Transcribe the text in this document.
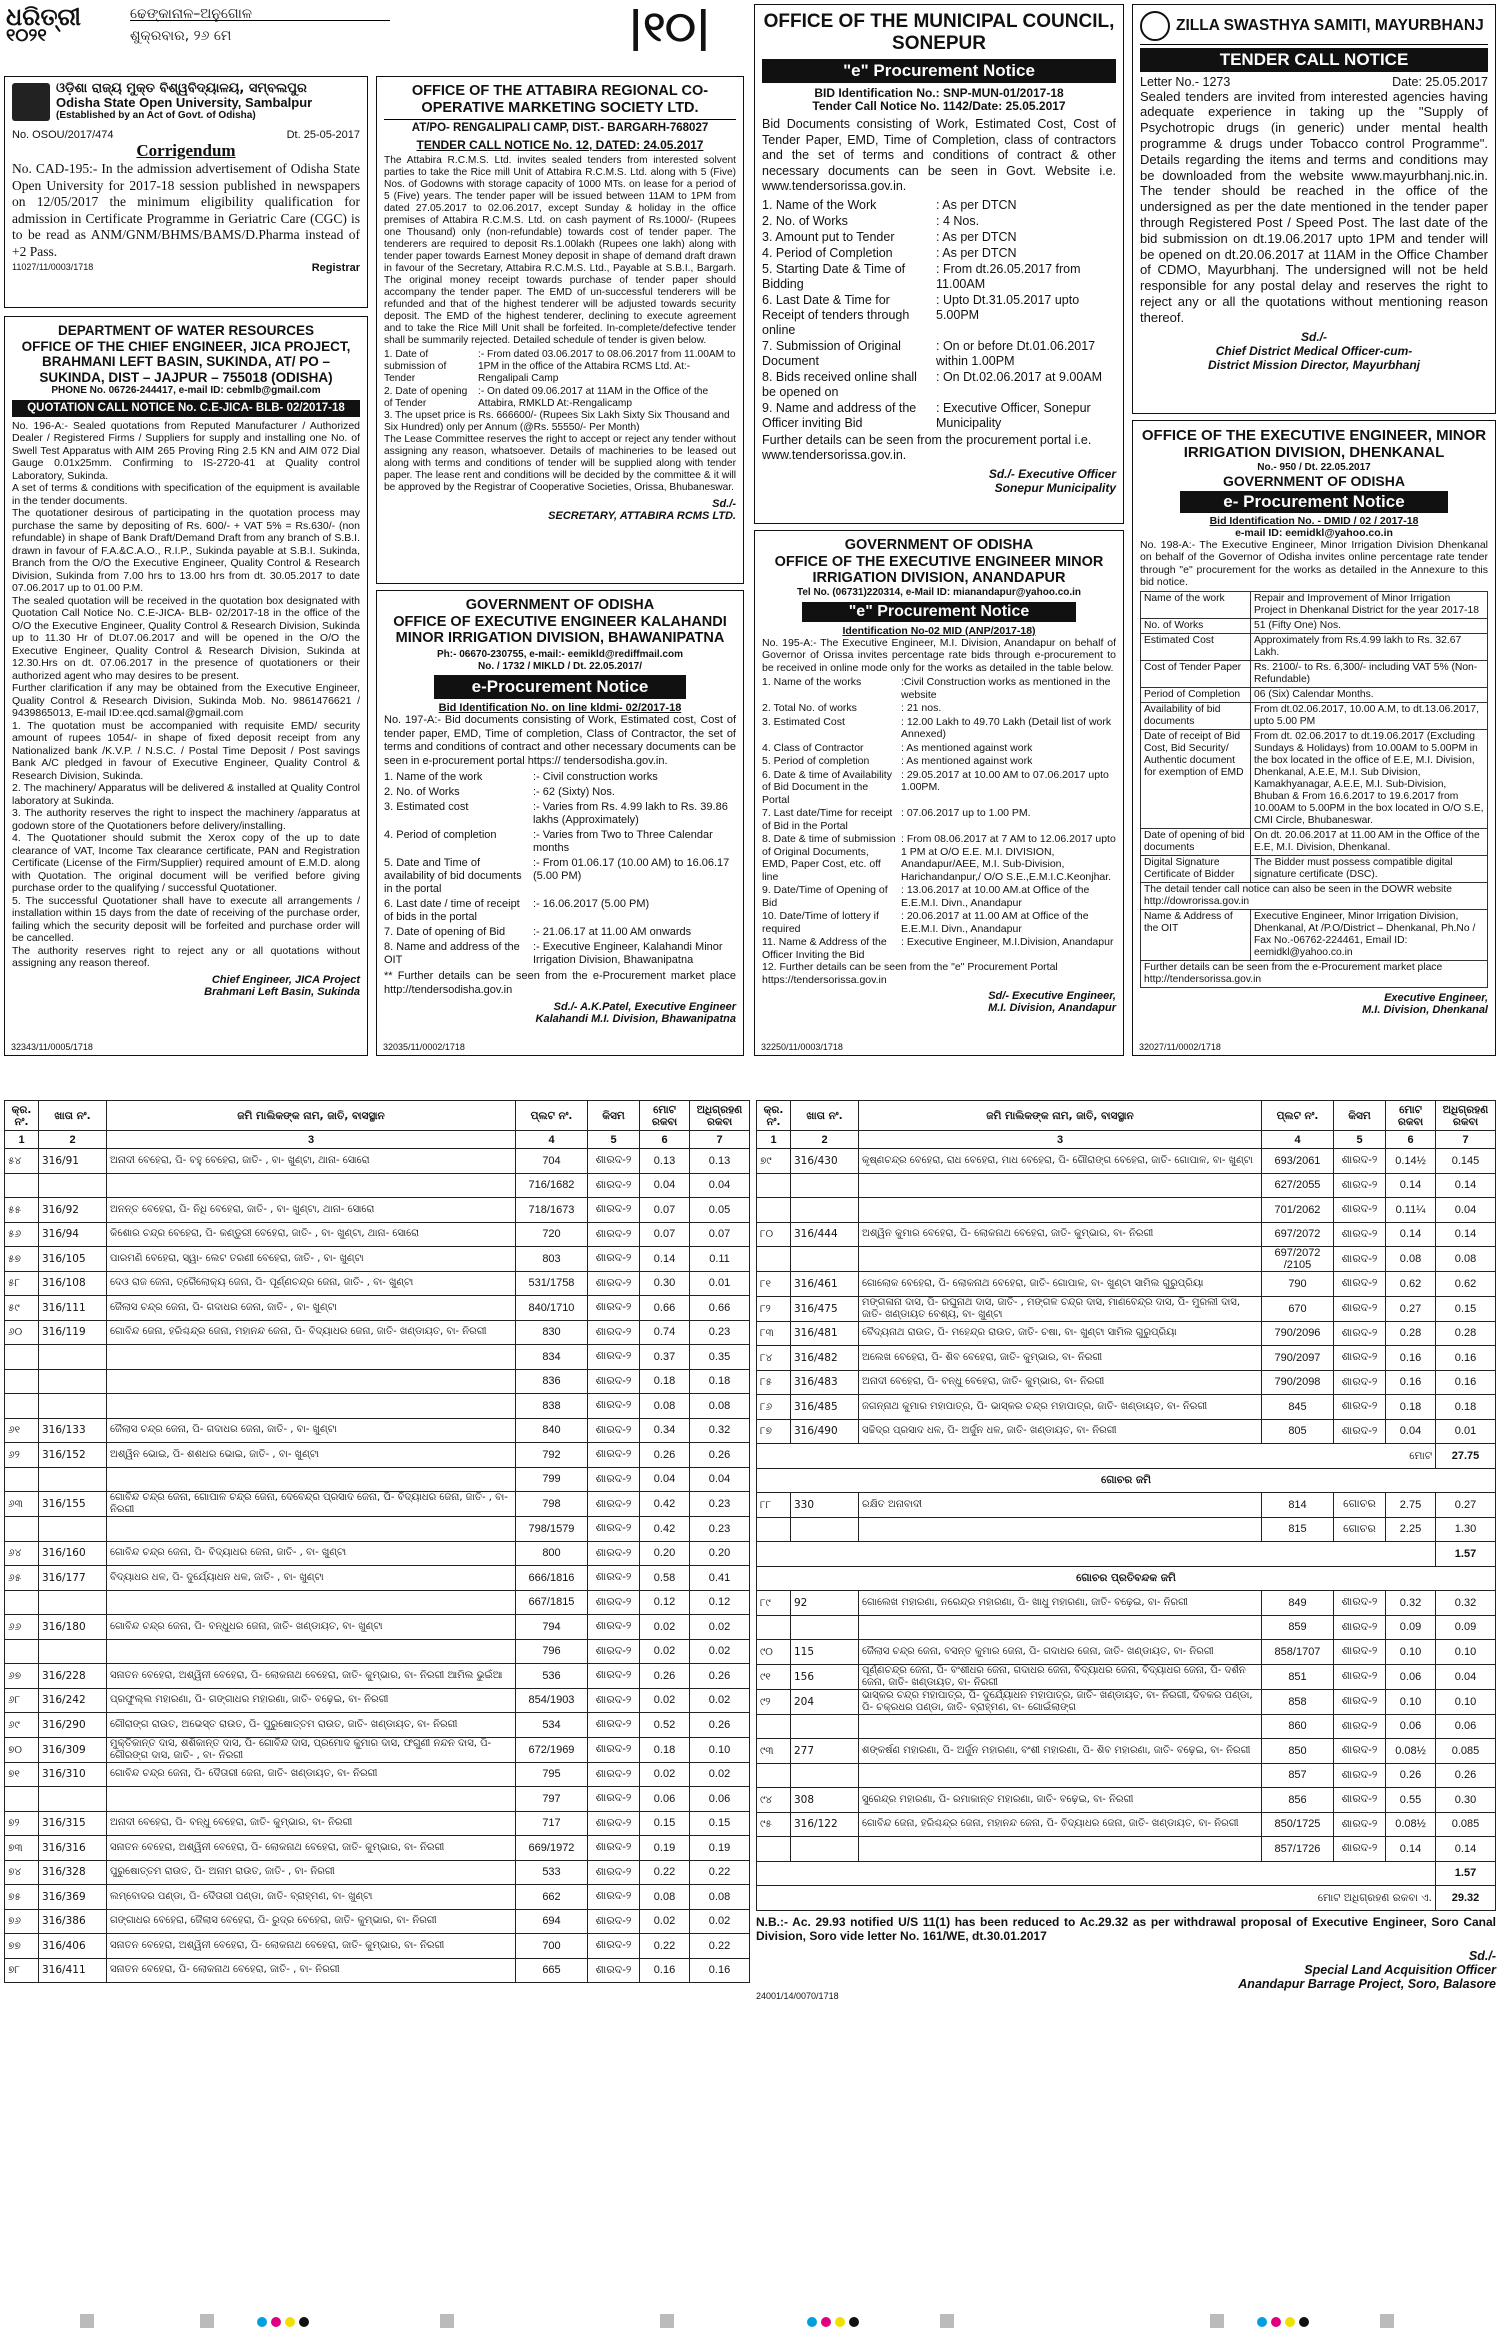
ଧରିତ୍ରୀ
୧୦୨୧
ଢେଙ୍କାନାଳ–ଅନୁଗୋଳ
ଶୁକ୍ରବାର, ୨୬ ମେ	|୧୦|
ଓଡ଼ିଶା ରାଜ୍ୟ ମୁକ୍ତ ବିଶ୍ୱବିଦ୍ୟାଳୟ, ସମ୍ବଲପୁର
Odisha State Open University, Sambalpur
(Established by an Act of Govt. of Odisha)
No. OSOU/2017/474	Dt. 25-05-2017
Corrigendum
No. CAD-195:- In the admission advertisement of Odisha State Open University for 2017-18 session published in newspapers on 12/05/2017 the minimum eligibility qualification for admission in Certificate Programme in Geriatric Care (CGC) is to be read as ANM/GNM/BHMS/BAMS/D.Pharma instead of +2 Pass.
11027/11/0003/1718	Registrar
DEPARTMENT OF WATER RESOURCES
OFFICE OF THE CHIEF ENGINEER, JICA PROJECT, BRAHMANI LEFT BASIN, SUKINDA, AT/ PO – SUKINDA, DIST – JAJPUR – 755018 (ODISHA)
PHONE No. 06726-244417, e-mail ID: cebmlb@gmail.com
QUOTATION CALL NOTICE No. C.E-JICA- BLB- 02/2017-18

No. 196-A:- Sealed quotations from Reputed Manufacturer / Authorized Dealer / Registered Firms / Suppliers for supply and installing one No. of Swell Test Apparatus with AIM 265 Proving Ring 2.5 KN and AIM 072 Dial Gauge 0.01x25mm. Confirming to IS-2720-41 at Quality control Laboratory, Sukinda.

A set of terms & conditions with specification of the equipment is available in the tender documents.

The quotationer desirous of participating in the quotation process may purchase the same by depositing of Rs. 600/- + VAT 5% = Rs.630/- (non refundable) in shape of Bank Draft/Demand Draft from any branch of S.B.I. drawn in favour of F.A.&C.A.O., R.I.P., Sukinda payable at S.B.I. Sukinda, Branch from the O/O the Executive Engineer, Quality Control & Research Division, Sukinda from 7.00 hrs to 13.00 hrs from dt. 30.05.2017 to date 07.06.2017 up to 01.00 P.M.

The sealed quotation will be received in the quotation box designated with Quotation Call Notice No. C.E-JICA- BLB- 02/2017-18 in the office of the O/O the Executive Engineer, Quality Control & Research Division, Sukinda up to 11.30 Hr of Dt.07.06.2017 and will be opened in the O/O the Executive Engineer, Quality Control & Research Division, Sukinda at 12.30.Hrs on dt. 07.06.2017 in the presence of quotationers or their authorized agent who may desires to be present.

Further clarification if any may be obtained from the Executive Engineer, Quality Control & Research Division, Sukinda Mob. No. 9861476621 / 9439865013, E-mail ID:ee.qcd.samal@gmail.com

1. The quotation must be accompanied with requisite EMD/ security amount of rupees 1054/- in shape of fixed deposit receipt from any Nationalized bank /K.V.P. / N.S.C. / Postal Time Deposit / Post savings Bank A/C pledged in favour of Executive Engineer, Quality Control & Research Division, Sukinda.

2. The machinery/ Apparatus will be delivered & installed at Quality Control laboratory at Sukinda.

3. The authority reserves the right to inspect the machinery /apparatus at godown store of the Quotationers before delivery/installing.

4. The Quotationer should submit the Xerox copy of the up to date clearance of VAT, Income Tax clearance certificate, PAN and Registration Certificate (License of the Firm/Supplier) required amount of E.M.D. along with Quotation. The original document will be verified before giving purchase order to the qualifying / successful Quotationer.

5. The successful Quotationer shall have to execute all arrangements / installation within 15 days from the date of receiving of the purchase order, failing which the security deposit will be forfeited and purchase order will be cancelled.

The authority reserves right to reject any or all quotations without assigning any reason thereof.

Chief Engineer, JICA Project
Brahmani Left Basin, Sukinda
32343/11/0005/1718
OFFICE OF THE ATTABIRA REGIONAL CO-OPERATIVE MARKETING SOCIETY LTD.
AT/PO- RENGALIPALI CAMP, DIST.- BARGARH-768027
TENDER CALL NOTICE No. 12, DATED: 24.05.2017
The Attabira R.C.M.S. Ltd. invites sealed tenders from interested solvent parties to take the Rice mill Unit of Attabira R.C.M.S. Ltd. along with 5 (Five) Nos. of Godowns with storage capacity of 1000 MTs. on lease for a period of 5 (Five) years. The tender paper will be issued between 11AM to 1PM from dated 27.05.2017 to 02.06.2017, except Sunday & holiday in the office premises of Attabira R.C.M.S. Ltd. on cash payment of Rs.1000/- (Rupees one Thousand) only (non-refundable) towards cost of tender paper. The tenderers are required to deposit Rs.1.00lakh (Rupees one lakh) along with tender paper towards Earnest Money deposit in shape of demand draft drawn in favour of the Secretary, Attabira R.C.M.S. Ltd., Payable at S.B.I., Bargarh. The original money receipt towards purchase of tender paper should accompany the tender paper. The EMD of un-successful tenderers will be refunded and that of the highest tenderer will be adjusted towards security deposit. The EMD of the highest tenderer, declining to execute agreement and to take the Rice Mill Unit shall be forfeited. In-complete/defective tender shall be summarily rejected. Detailed schedule of tender is given below.
1. Date of submission of Tender
:- From dated 03.06.2017 to 08.06.2017 from 11.00AM to 1PM in the office of the Attabira RCMS Ltd. At:- Rengalipali Camp
2. Date of opening of Tender
:- On dated 09.06.2017 at 11AM in the Office of the Attabira, RMKLD At:-Rengalicamp
3. The upset price is Rs. 666600/- (Rupees Six Lakh Sixty Six Thousand and Six Hundred) only per Annum (@Rs. 55550/- Per Month)
The Lease Committee reserves the right to accept or reject any tender without assigning any reason, whatsoever. Details of machineries to be leased out along with terms and conditions of tender will be supplied along with tender paper. The lease rent and conditions will be decided by the committee & it will be approved by the Registrar of Cooperative Societies, Orissa, Bhubaneswar.
Sd./-
SECRETARY, ATTABIRA RCMS LTD.
GOVERNMENT OF ODISHA
OFFICE OF EXECUTIVE ENGINEER KALAHANDI MINOR IRRIGATION DIVISION, BHAWANIPATNA
Ph:- 06670-230755, e-mail:- eemikld@rediffmail.com
No. / 1732 / MIKLD / Dt. 22.05.2017/
e-Procurement Notice
Bid Identification No. on line kldmi- 02/2017-18
No. 197-A:- Bid documents consisting of Work, Estimated cost, Cost of tender paper, EMD, Time of completion, Class of Contractor, the set of terms and conditions of contract and other necessary documents can be seen in e-procurement portal https:// tendersodisha.gov.in.
1. Name of the work	:- Civil construction works
2. No. of Works	:- 62 (Sixty) Nos.
3. Estimated cost	:- Varies from Rs. 4.99 lakh to Rs. 39.86 lakhs (Approximately)
4. Period of completion	:- Varies from Two to Three Calendar months
5. Date and Time of availability of bid documents in the portal
:- From 01.06.17 (10.00 AM) to 16.06.17 (5.00 PM)
6. Last date / time of receipt of bids in the portal
:- 16.06.2017 (5.00 PM)
7. Date of opening of Bid	:- 21.06.17 at 11.00 AM onwards
8. Name and address of the OIT
:- Executive Engineer, Kalahandi Minor Irrigation Division, Bhawanipatna
** Further details can be seen from the e-Procurement market place http://tendersodisha.gov.in
Sd./- A.K.Patel, Executive Engineer
Kalahandi M.I. Division, Bhawanipatna
32035/11/0002/1718
OFFICE OF THE MUNICIPAL COUNCIL, SONEPUR
"e" Procurement Notice
BID Identification No.: SNP-MUN-01/2017-18
Tender Call Notice No. 1142/Date: 25.05.2017
Bid Documents consisting of Work, Estimated Cost, Cost of Tender Paper, EMD, Time of Completion, class of contractors and the set of terms and conditions of contract & other necessary documents can be seen in Govt. Website i.e. www.tendersorissa.gov.in.
1. Name of the Work	: As per DTCN
2. No. of Works	: 4 Nos.
3. Amount put to Tender	: As per DTCN
4. Period of Completion	: As per DTCN
5. Starting Date & Time of Bidding
: From dt.26.05.2017 from 11.00AM
6. Last Date & Time for Receipt of tenders through online
: Upto Dt.31.05.2017 upto 5.00PM
7. Submission of Original Document
: On or before Dt.01.06.2017 within 1.00PM
8. Bids received online shall be opened on
: On Dt.02.06.2017 at 9.00AM
9. Name and address of the Officer inviting Bid
: Executive Officer, Sonepur Municipality
Further details can be seen from the procurement portal i.e. www.tendersorissa.gov.in.
Sd./- Executive Officer
Sonepur Municipality
GOVERNMENT OF ODISHA
OFFICE OF THE EXECUTIVE ENGINEER MINOR IRRIGATION DIVISION, ANANDAPUR
Tel No. (06731)220314, e-Mail ID: mianandapur@yahoo.co.in
"e" Procurement Notice
Identification No-02 MID (ANP/2017-18)
No. 195-A:- The Executive Engineer, M.I. Division, Anandapur on behalf of Governor of Orissa invites percentage rate bids through e-procurement to be received in online mode only for the works as detailed in the table below.
1. Name of the works	:Civil Construction works as mentioned in the website
2. Total No. of works	: 21 nos.
3. Estimated Cost	: 12.00 Lakh to 49.70 Lakh (Detail list of work Annexed)
4. Class of Contractor	: As mentioned against work
5. Period of completion	: As mentioned against work
6. Date & time of Availability of Bid Document in the Portal
: 29.05.2017 at 10.00 AM to 07.06.2017 upto 1.00PM.
7. Last date/Time for receipt of Bid in the Portal
: 07.06.2017 up to 1.00 PM.
8. Date & time of submission of Original Documents, EMD, Paper Cost, etc. off line
: From 08.06.2017 at 7 AM to 12.06.2017 upto 1 PM at O/O E.E. M.I. DIVISION, Anandapur/AEE, M.I. Sub-Division, Harichandanpur,/ O/O S.E.,E.M.I.C.Keonjhar.
9. Date/Time of Opening of Bid
: 13.06.2017 at 10.00 AM.at Office of the E.E.M.I. Divn., Anandapur
10. Date/Time of lottery if required
: 20.06.2017 at 11.00 AM at Office of the E.E.M.I. Divn., Anandapur
11. Name & Address of the Officer Inviting the Bid
: Executive Engineer, M.I.Division, Anandapur
12. Further details can be seen from the "e" Procurement Portal https://tendersorissa.gov.in
Sd/- Executive Engineer,
M.I. Division, Anandapur
32250/11/0003/1718
ZILLA SWASTHYA SAMITI, MAYURBHANJ
TENDER CALL NOTICE
Letter No.- 1273	Date: 25.05.2017
Sealed tenders are invited from interested agencies having adequate experience in taking up the "Supply of Psychotropic drugs (in generic) under mental health programme & drugs under Tobacco control Programme". Details regarding the items and terms and conditions may be downloaded from the website www.mayurbhanj.nic.in. The tender should be reached in the office of the undersigned as per the date mentioned in the tender paper through Registered Post / Speed Post. The last date of the bid submission on dt.19.06.2017 upto 1PM and tender will be opened on dt.20.06.2017 at 11AM in the Office Chamber of CDMO, Mayurbhanj. The undersigned will not be held responsible for any postal delay and reserves the right to reject any or all the quotations without mentioning reason thereof.
Sd./-
Chief District Medical Officer-cum-
District Mission Director, Mayurbhanj
OFFICE OF THE EXECUTIVE ENGINEER, MINOR IRRIGATION DIVISION, DHENKANAL
No.- 950 / Dt. 22.05.2017
GOVERNMENT OF ODISHA
e- Procurement Notice
Bid Identification No. - DMID / 02 / 2017-18
e-mail ID: eemidkl@yahoo.co.in
No. 198-A:- The Executive Engineer, Minor Irrigation Division Dhenkanal on behalf of the Governor of Odisha invites online percentage rate tender through "e" procurement for the works as detailed in the Annexure to this bid notice.
Name of the work	Repair and Improvement of Minor Irrigation Project in Dhenkanal District for the year 2017-18
No. of Works	51 (Fifty One) Nos.
Estimated Cost	Approximately from Rs.4.99 lakh to Rs. 32.67 Lakh.
Cost of Tender Paper	Rs. 2100/- to Rs. 6,300/- including VAT 5% (Non- Refundable)
Period of Completion	06 (Six) Calendar Months.
Availability of bid documents	From dt.02.06.2017, 10.00 A.M, to dt.13.06.2017, upto 5.00 PM
Date of receipt of Bid Cost, Bid Security/ Authentic document for exemption of EMD	From dt. 02.06.2017 to dt.19.06.2017 (Excluding Sundays & Holidays) from 10.00AM to 5.00PM in the box located in the office of E.E, M.I. Division, Dhenkanal, A.E.E, M.I. Sub Division, Kamakhyanagar, A.E.E, M.I. Sub-Division, Bhuban & From 16.6.2017 to 19.6.2017 from 10.00AM to 5.00PM in the box located in O/O S.E, CMI Circle, Bhubaneswar.
Date of opening of bid documents	On dt. 20.06.2017 at 11.00 AM in the Office of the E.E, M.I. Division, Dhenkanal.
Digital Signature Certificate of Bidder	The Bidder must possess compatible digital signature certificate (DSC).
The detail tender call notice can also be seen in the DOWR website http://dowrorissa.gov.in	
Name & Address of the OIT	Executive Engineer, Minor Irrigation Division, Dhenkanal, At /P.O/District – Dhenkanal, Ph.No / Fax No.-06762-224461, Email ID: eemidkl@yahoo.co.in
Further details can be seen from the e-Procurement market place http://tendersorissa.gov.in	
Executive Engineer,
M.I. Division, Dhenkanal
32027/11/0002/1718
କ୍ର. ନଂ.	ଖାତା ନଂ.	ଜମି ମାଲିକଙ୍କ ନାମ, ଜାତି, ବାସସ୍ଥାନ	ପ୍ଲଟ ନଂ.	କିସମ	ମୋଟ ରକବା	ଅଧିଗ୍ରହଣ ରକବା
1	2	3	4	5	6	7
୫୪	316/91	ଅନାଦୀ ବେହେରା, ପି- ବହୁ ବେହେରା, ଜାତି- , ବା- ଖୁଣ୍ଟା, ଥାନା- ସୋରୋ	704	ଶାରଦ-୨	0.13	0.13
			716/1682	ଶାରଦ-୨	0.04	0.04
୫୫	316/92	ଅନନ୍ତ ବେହେରା, ପି- ନିଧି ବେହେରା, ଜାତି- , ବା- ଖୁଣ୍ଟା, ଥାନା- ସୋରୋ	718/1673	ଶାରଦ-୨	0.07	0.05
୫୬	316/94	କିଶୋର ଚନ୍ଦ୍ର ବେହେରା, ପି- କଣ୍ଡୁରୀ ବେହେରା, ଜାତି- , ବା- ଖୁଣ୍ଟା, ଥାନା- ସୋରୋ	720	ଶାରଦ-୨	0.07	0.07
୫୭	316/105	ପାରମଣି ବେହେରା, ସ୍ୱା- ଲେଟ ତରଣୀ ବେହେରା, ଜାତି- , ବା- ଖୁଣ୍ଟା	803	ଶାରଦ-୨	0.14	0.11
୫୮	316/108	ଦେଓ ରାଜ ଜେନା, ତ୍ରୈଲୋକ୍ୟ ଜେନା, ପି- ପୂର୍ଣ୍ଣଚନ୍ଦ୍ର ଜେନା, ଜାତି- , ବା- ଖୁଣ୍ଟା	531/1758	ଶାରଦ-୨	0.30	0.01
୫୯	316/111	ଜୈଲାସ ଚନ୍ଦ୍ର ଜେନା, ପି- ଗଦାଧର ଜେନା, ଜାତି- , ବା- ଖୁଣ୍ଟା	840/1710	ଶାରଦ-୨	0.66	0.66
୬୦	316/119	ଗୋବିନ୍ଦ ଜେନା, ହରିଶ୍ଚନ୍ଦ୍ର ଜେନା, ମହାନନ୍ଦ ଜେନା, ପି- ବିଦ୍ୟାଧର ଜେନା, ଜାତି- ଖଣ୍ଡାୟତ, ବା- ନିରଗୀ	830	ଶାରଦ-୨	0.74	0.23
			834	ଶାରଦ-୨	0.37	0.35
			836	ଶାରଦ-୨	0.18	0.18
			838	ଶାରଦ-୨	0.08	0.08
୬୧	316/133	ଜୈଲାସ ଚନ୍ଦ୍ର ଜେନା, ପି- ଗଦାଧର ଜେନା, ଜାତି- , ବା- ଖୁଣ୍ଟା	840	ଶାରଦ-୨	0.34	0.32
୬୨	316/152	ଅଶ୍ୱିନ ଭୋଇ, ପି- ଶଶଧର ଭୋଇ, ଜାତି- , ବା- ଖୁଣ୍ଟା	792	ଶାରଦ-୨	0.26	0.26
			799	ଶାରଦ-୨	0.04	0.04
୬୩	316/155	ଗୋବିନ୍ଦ ଚନ୍ଦ୍ର ଜେନା, ଗୋପାଳ ଚନ୍ଦ୍ର ଜେନା, ଦେବେନ୍ଦ୍ର ପ୍ରସାଦ ଜେନା, ପି- ବିଦ୍ୟାଧର ଜେନା, ଜାତି- , ବା- ନିରଗୀ	798	ଶାରଦ-୨	0.42	0.23
			798/1579	ଶାରଦ-୨	0.42	0.23
୬୪	316/160	ଗୋବିନ୍ଦ ଚନ୍ଦ୍ର ଜେନା, ପି- ବିଦ୍ୟାଧର ଜେନା, ଜାତି- , ବା- ଖୁଣ୍ଟା	800	ଶାରଦ-୨	0.20	0.20
୬୫	316/177	ବିଦ୍ୟାଧର ଧଳ, ପି- ଦୁର୍ଯ୍ୟୋଧନ ଧଳ, ଜାତି- , ବା- ଖୁଣ୍ଟା	666/1816	ଶାରଦ-୨	0.58	0.41
			667/1815	ଶାରଦ-୨	0.12	0.12
୬୬	316/180	ଗୋବିନ୍ଦ ଚନ୍ଦ୍ର ଜେନା, ପି- ବନ୍ଧୁଧର ଜେନା, ଜାତି- ଖଣ୍ଡାୟତ, ବା- ଖୁଣ୍ଟା	794	ଶାରଦ-୨	0.02	0.02
			796	ଶାରଦ-୨	0.02	0.02
୬୭	316/228	ସନାତନ ବେହେରା, ଅଶ୍ୱିନୀ ବେହେରା, ପି- ଲୋକନାଥ ବେହେରା, ଜାତି- କୁମ୍ଭାର, ବା- ନିରଗୀ ଆମିଲ ଭୁଇଁଆ	536	ଶାରଦ-୨	0.26	0.26
୬୮	316/242	ପ୍ରଫୁଲ୍ଲ ମହାରଣା, ପି- ଗଙ୍ଗାଧର ମହାରଣା, ଜାତି- ବଢ଼େଇ, ବା- ନିରଗୀ	854/1903	ଶାରଦ-୨	0.02	0.02
୬୯	316/290	ଗୌରାଙ୍ଗ ରାଉତ, ଅଭେସ୍ତ ରାଉତ, ପି- ପୁରୁଷୋତ୍ତମ ରାଉତ, ଜାତି- ଖଣ୍ଡାୟତ, ବା- ନିରଗୀ	534	ଶାରଦ-୨	0.52	0.26
୭୦	316/309	ମୁକ୍ତିକାନ୍ତ ଦାସ, ଶଶିକାନ୍ତ ଦାସ, ପି- ଗୋବିନ୍ଦ ଦାସ, ପ୍ରମୋଦ କୁମାର ଦାସ, ଫଗୁଣୀ ନନ୍ଦନ ଦାସ, ପି- ଗୌରଙ୍ଗ ଦାସ, ଜାତି- , ବା- ନିରଗୀ	672/1969	ଶାରଦ-୨	0.18	0.10
୭୧	316/310	ଗୋବିନ୍ଦ ଚନ୍ଦ୍ର ଜେନା, ପି- ଦୈତାରୀ ଜେନା, ଜାତି- ଖଣ୍ଡାୟତ, ବା- ନିରଗୀ	795	ଶାରଦ-୨	0.02	0.02
			797	ଶାରଦ-୨	0.06	0.06
୭୨	316/315	ଅନାଦୀ ବେହେରା, ପି- ବନ୍ଧୁ ବେହେରା, ଜାତି- କୁମ୍ଭାର, ବା- ନିରଗୀ	717	ଶାରଦ-୨	0.15	0.15
୭୩	316/316	ସନାତନ ବେହେରା, ଅଶ୍ୱିନୀ ବେହେରା, ପି- ଲୋକନାଥ ବେହେରା, ଜାତି- କୁମ୍ଭାର, ବା- ନିରଗୀ	669/1972	ଶାରଦ-୨	0.19	0.19
୭୪	316/328	ପୁରୁଷୋତ୍ତମ ରାଉତ, ପି- ଅନାମ ରାଉତ, ଜାତି- , ବା- ନିରଗୀ	533	ଶାରଦ-୨	0.22	0.22
୭୫	316/369	ଲମ୍ବୋଦର ପଣ୍ଡା, ପି- ଦୈତାରୀ ପଣ୍ଡା, ଜାତି- ବ୍ରାହ୍ମଣ, ବା- ଖୁଣ୍ଟା	662	ଶାରଦ-୨	0.08	0.08
୭୬	316/386	ଗଙ୍ଗାଧର ବେହେରା, ଜୈଲାସ ବେହେରା, ପି- ରୁଦ୍ର ବେହେରା, ଜାତି- କୁମ୍ଭାର, ବା- ନିରଗୀ	694	ଶାରଦ-୨	0.02	0.02
୭୭	316/406	ସନାତନ ବେହେରା, ଅଶ୍ୱିନୀ ବେହେରା, ପି- ଲୋକନାଥ ବେହେରା, ଜାତି- କୁମ୍ଭାର, ବା- ନିରଗୀ	700	ଶାରଦ-୨	0.22	0.22
୭୮	316/411	ସନାତନ ବେହେରା, ପି- ଲୋକନାଥ ବେହେରା, ଜାତି- , ବା- ନିରଗୀ	665	ଶାରଦ-୨	0.16	0.16
କ୍ର. ନଂ.	ଖାତା ନଂ.	ଜମି ମାଲିକଙ୍କ ନାମ, ଜାତି, ବାସସ୍ଥାନ	ପ୍ଲଟ ନଂ.	କିସମ	ମୋଟ ରକବା	ଅଧିଗ୍ରହଣ ରକବା
1	2	3	4	5	6	7
୭୯	316/430	କୃଷ୍ଣଚନ୍ଦ୍ର ବେହେରା, ରାଧ ବେହେରା, ମାଧ ବେହେରା, ପି- ଗୌରାଙ୍ଗ ବେହେରା, ଜାତି- ଗୋପାଳ, ବା- ଖୁଣ୍ଟା	693/2061	ଶାରଦ-୨	0.14½	0.145
			627/2055	ଶାରଦ-୨	0.14	0.14
			701/2062	ଶାରଦ-୨	0.11¼	0.04
୮୦	316/444	ଅଶ୍ୱିନ କୁମାର ବେହେରା, ପି- ଲୋକନାଥ ବେହେରା, ଜାତି- କୁମ୍ଭାର, ବା- ନିରଗୀ	697/2072	ଶାରଦ-୨	0.14	0.14
			697/2072 /2105	ଶାରଦ-୨	0.08	0.08
୮୧	316/461	ଗୋଲୋକ ବେହେରା, ପି- ଲୋକନାଥ ବେହେରା, ଜାତି- ଗୋପାଳ, ବା- ଖୁଣ୍ଟା ସାମିଲ ଗୁରୁପ୍ରିୟା	790	ଶାରଦ-୨	0.62	0.62
୮୨	316/475	ମଙ୍ଗଳାନା ଦାସ, ପି- ରଘୁନାଥ ଦାସ, ଜାତି- , ମଙ୍ଗଳ ଚନ୍ଦ୍ର ଦାସ, ମାଣବେନ୍ଦ୍ର ଦାସ, ପି- ମୁରଲୀ ଦାସ, ଜାତି- ଖଣ୍ଡାୟତ ବେଶ୍ୟ, ବା- ଖୁଣ୍ଟା	670	ଶାରଦ-୨	0.27	0.15
୮୩	316/481	ବୈଦ୍ୟନାଥ ରାଉତ, ପି- ମହେନ୍ଦ୍ର ରାଉତ, ଜାତି- ଚଷା, ବା- ଖୁଣ୍ଟା ସାମିଲ ଗୁରୁପ୍ରିୟା	790/2096	ଶାରଦ-୨	0.28	0.28
୮୪	316/482	ଅଲେଖ ବେହେରା, ପି- ଶିବ ବେହେରା, ଜାତି- କୁମ୍ଭାର, ବା- ନିରଗୀ	790/2097	ଶାରଦ-୨	0.16	0.16
୮୫	316/483	ଅନାଦୀ ବେହେରା, ପି- ବନ୍ଧୁ ବେହେରା, ଜାତି- କୁମ୍ଭାର, ବା- ନିରଗୀ	790/2098	ଶାରଦ-୨	0.16	0.16
୮୬	316/485	ଜଗନ୍ନାଥ କୁମାର ମହାପାତ୍ର, ପି- ଭାସ୍କର ଚନ୍ଦ୍ର ମହାପାତ୍ର, ଜାତି- ଖଣ୍ଡାୟତ, ବା- ନିରଗୀ	845	ଶାରଦ-୨	0.18	0.18
୮୭	316/490	ସଚ୍ଚିଦ୍ର ପ୍ରସାଦ ଧଳ, ପି- ଅର୍ଜୁନ ଧଳ, ଜାତି- ଖଣ୍ଡାୟତ, ବା- ନିରଗୀ	805	ଶାରଦ-୨	0.04	0.01
ମୋଟ						27.75
ଗୋଚର ଜମି						
୮୮	330	ରକ୍ଷିତ ଅନାବାଦୀ	814	ଗୋଚର	2.75	0.27
			815	ଗୋଚର	2.25	1.30
						1.57
ଗୋଚର ପ୍ରତିବନ୍ଦକ ଜମି						
୮୯	92	ଗୋଲେଖ ମହାରଣା, ନରେନ୍ଦ୍ର ମହାରଣା, ପି- ଖାଧୁ ମହାରଣା, ଜାତି- ବଢ଼େଇ, ବା- ନିରଗୀ	849	ଶାରଦ-୨	0.32	0.32
			859	ଶାରଦ-୨	0.09	0.09
୯୦	115	ଜୈଲାସ ଚନ୍ଦ୍ର ଜେନା, ବସନ୍ତ କୁମାର ଜେନା, ପି- ଗଦାଧର ଜେନା, ଜାତି- ଖଣ୍ଡାୟତ, ବା- ନିରଗୀ	858/1707	ଶାରଦ-୨	0.10	0.10
୯୧	156	ପୂର୍ଣ୍ଣଚନ୍ଦ୍ର ଜେନା, ପି- ବଂଶୀଧର ଜେନା, ଗଦାଧର ଜେନା, ବିଦ୍ୟାଧର ଜେନା, ବିଦ୍ୟାଧର ଜେନା, ପି- ଦର୍ଶନ ଜେନା, ଜାତି- ଖଣ୍ଡାୟତ, ବା- ନିରଗୀ	851	ଶାରଦ-୨	0.06	0.04
୯୨	204	ଭାସ୍କର ଚନ୍ଦ୍ର ମହାପାତ୍ର, ପି- ଦୁର୍ଯ୍ୟୋଧନ ମହାପାତ୍ର, ଜାତି- ଖଣ୍ଡାୟତ, ବା- ନିରଗୀ, ଦିବକର ପଣ୍ଡା, ପି- ଚକ୍ରଧର ପଣ୍ଡା, ଜାତି- ବ୍ରାହ୍ମଣ, ବା- ଗୋଇଁଲାଙ୍ଗ	858	ଶାରଦ-୨	0.10	0.10
			860	ଶାରଦ-୨	0.06	0.06
୯୩	277	ଶଙ୍କର୍ଷଣ ମହାରଣା, ପି- ଅର୍ଜୁନ ମହାରଣା, ବଂଶୀ ମହାରଣା, ପି- ଶିବ ମହାରଣା, ଜାତି- ବଢ଼େଇ, ବା- ନିରଗୀ	850	ଶାରଦ-୨	0.08½	0.085
			857	ଶାରଦ-୨	0.26	0.26
୯୪	308	ସୁରେନ୍ଦ୍ର ମହାରଣା, ପି- ରମାକାନ୍ତ ମହାରଣା, ଜାତି- ବଢ଼େଇ, ବା- ନିରଗୀ	856	ଶାରଦ-୨	0.55	0.30
୯୫	316/122	ଗୋବିନ୍ଦ ଜେନା, ହରିଶ୍ଚନ୍ଦ୍ର ଜେନା, ମହାନନ୍ଦ ଜେନା, ପି- ବିଦ୍ୟାଧର ଜେନା, ଜାତି- ଖଣ୍ଡାୟତ, ବା- ନିରଗୀ	850/1725	ଶାରଦ-୨	0.08½	0.085
			857/1726	ଶାରଦ-୨	0.14	0.14
						1.57
ମୋଟ ଅଧିଗ୍ରହଣ ରକବା ଏ.						29.32
N.B.:- Ac. 29.93 notified U/S 11(1) has been reduced to Ac.29.32 as per withdrawal proposal of Executive Engineer, Soro Canal Division, Soro vide letter No. 161/WE, dt.30.01.2017
Sd./-
Special Land Acquisition Officer
Anandapur Barrage Project, Soro, Balasore
24001/14/0070/1718
